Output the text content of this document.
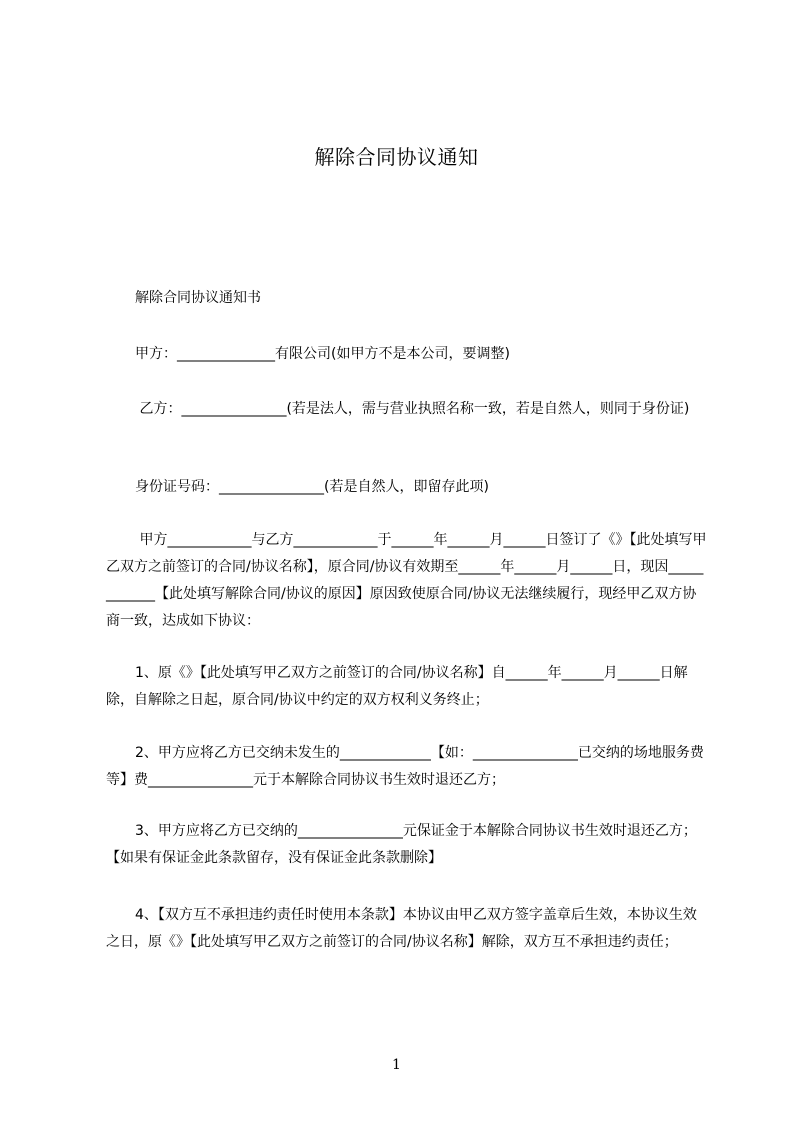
解除合同协议通知
解除合同协议通知书
甲方：______________有限公司(如甲方不是本公司，要调整)
乙方：_______________(若是法人，需与营业执照名称一致，若是自然人，则同于身份证)
身份证号码：_______________(若是自然人，即留存此项)
甲方____________与乙方____________于______年______月______日签订了《》【此处填写甲乙双方之前签订的合同/协议名称】，原合同/协议有效期至______年______月______日，现因____________【此处填写解除合同/协议的原因】原因致使原合同/协议无法继续履行，现经甲乙双方协商一致，达成如下协议：
1、原《》【此处填写甲乙双方之前签订的合同/协议名称】自______年______月______日解除，自解除之日起，原合同/协议中约定的双方权利义务终止；
2、甲方应将乙方已交纳未发生的_____________【如：_______________已交纳的场地服务费等】费_______________元于本解除合同协议书生效时退还乙方；
3、甲方应将乙方已交纳的_______________元保证金于本解除合同协议书生效时退还乙方；【如果有保证金此条款留存，没有保证金此条款删除】
4、【双方互不承担违约责任时使用本条款】本协议由甲乙双方签字盖章后生效，本协议生效之日，原《》【此处填写甲乙双方之前签订的合同/协议名称】解除，双方互不承担违约责任；
1
